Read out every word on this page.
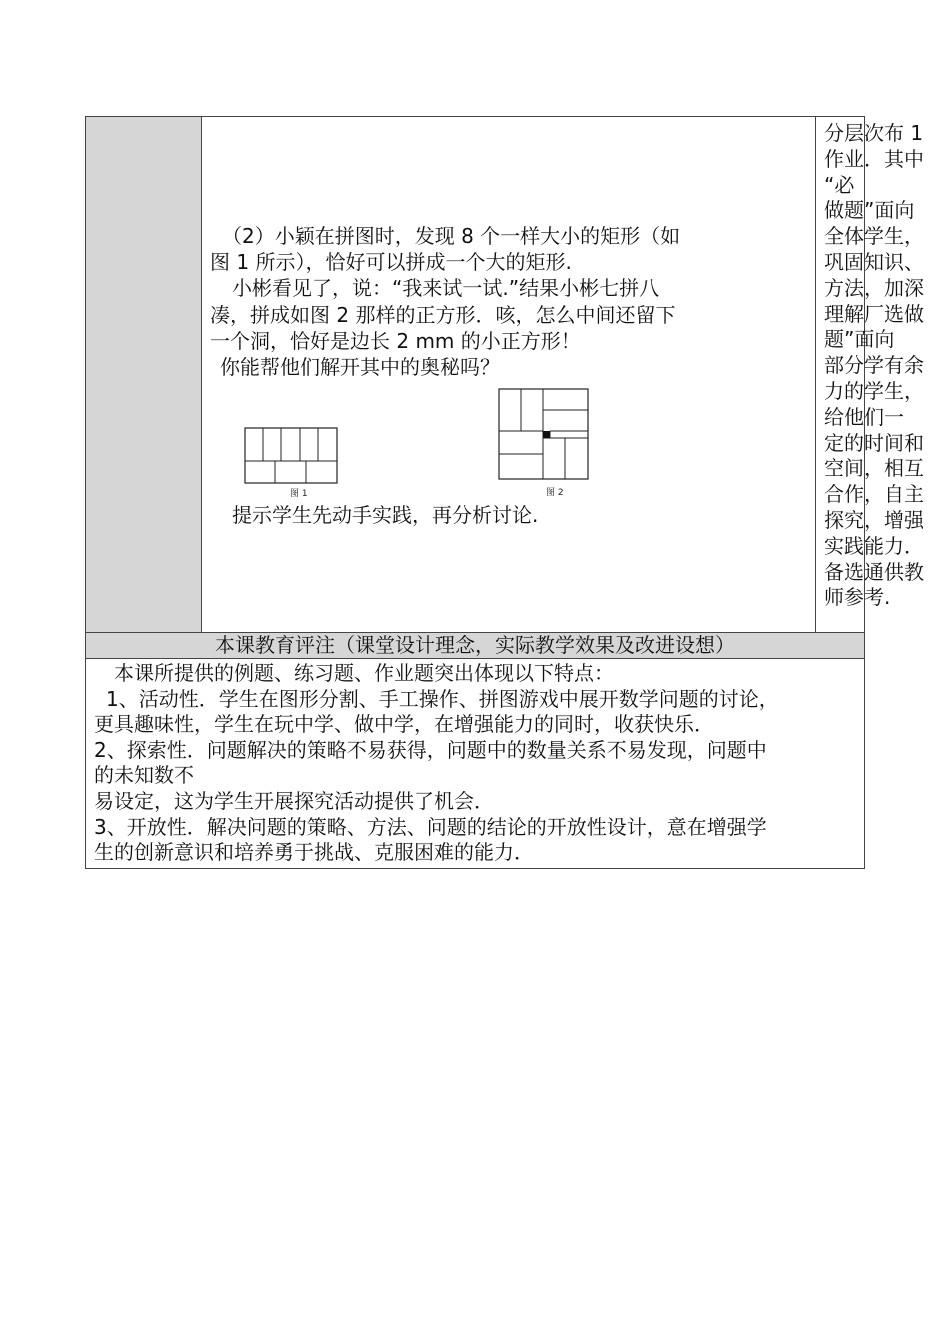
（2）小颖在拼图时，发现 8 个一样大小的矩形（如
图 1 所示），恰好可以拼成一个大的矩形.
小彬看见了，说：“我来试一试.”结果小彬七拼八
凑，拼成如图 2 那样的正方形．咳，怎么中间还留下
一个洞，恰好是边长 2 mm 的小正方形！
你能帮他们解开其中的奥秘吗？
图 1	图 2
提示学生先动手实践，再分析讨论.
分层次布 1
作业．其中
“必
做题”面向
全体学生，
巩固知识、
方法，加深
理解厂选做
题”面向
部分学有余
力的学生，
给他们一
定的时间和
空间，相互
合作，自主
探究，增强
实践能力．
备选通供教
师参考.
本课教育评注（课堂设计理念，实际教学效果及改进设想）
本课所提供的例题、练习题、作业题突出体现以下特点：
1、活动性．学生在图形分割、手工操作、拼图游戏中展开数学问题的讨论，
更具趣味性，学生在玩中学、做中学，在增强能力的同时，收获快乐．
2、探索性．问题解决的策略不易获得，问题中的数量关系不易发现，问题中
的未知数不
易设定，这为学生开展探究活动提供了机会．
3、开放性．解决问题的策略、方法、问题的结论的开放性设计，意在增强学
生的创新意识和培养勇于挑战、克服困难的能力．
